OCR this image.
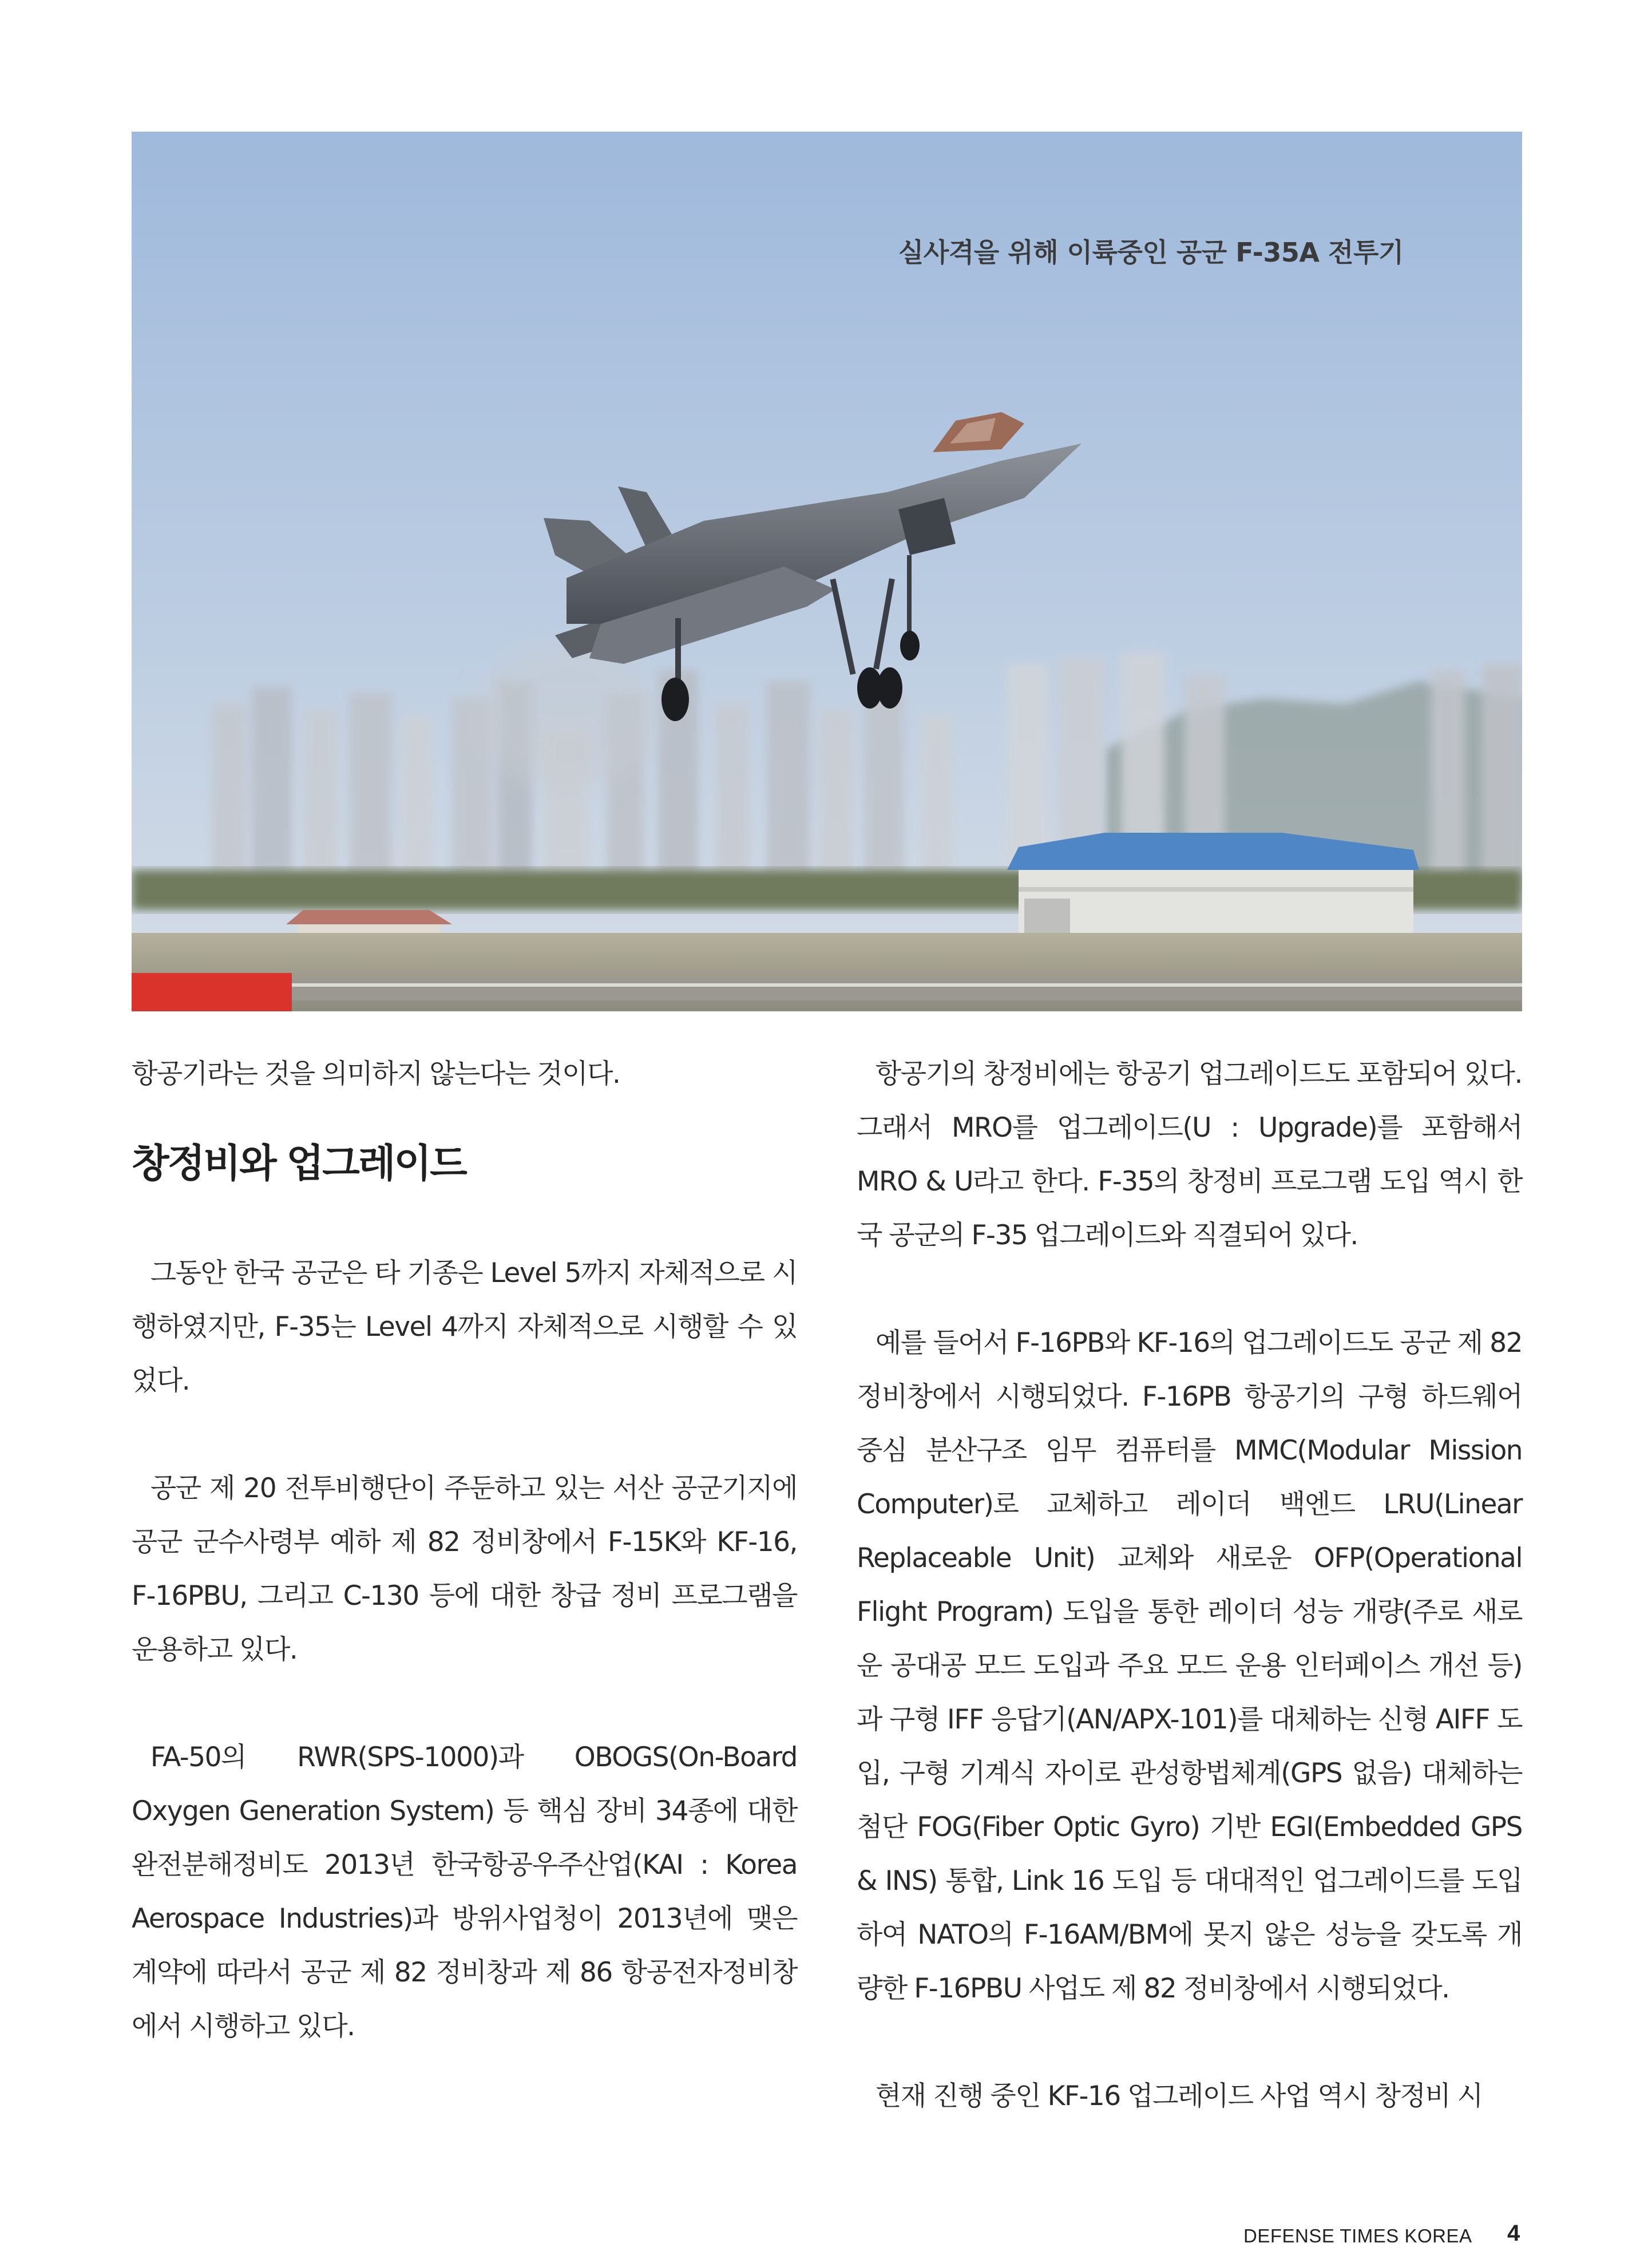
실사격을 위해 이륙중인 공군 F-35A 전투기

항공기라는 것을 의미하지 않는다는 것이다.

창정비와 업그레이드

그동안 한국 공군은 타 기종은 Level 5까지 자체적으로 시행하였지만, F-35는 Level 4까지 자체적으로 시행할 수 있었다.

공군 제 20 전투비행단이 주둔하고 있는 서산 공군기지에 공군 군수사령부 예하 제 82 정비창에서 F-15K와 KF-16, F-16PBU, 그리고 C-130 등에 대한 창급 정비 프로그램을 운용하고 있다.

FA-50의 RWR(SPS-1000)과 OBOGS(On-Board Oxygen Generation System) 등 핵심 장비 34종에 대한 완전분해정비도 2013년 한국항공우주산업(KAI : Korea Aerospace Industries)과 방위사업청이 2013년에 맺은 계약에 따라서 공군 제 82 정비창과 제 86 항공전자정비창에서 시행하고 있다.

항공기의 창정비에는 항공기 업그레이드도 포함되어 있다. 그래서 MRO를 업그레이드(U : Upgrade)를 포함해서 MRO & U라고 한다. F-35의 창정비 프로그램 도입 역시 한국 공군의 F-35 업그레이드와 직결되어 있다.

예를 들어서 F-16PB와 KF-16의 업그레이드도 공군 제 82 정비창에서 시행되었다. F-16PB 항공기의 구형 하드웨어 중심 분산구조 임무 컴퓨터를 MMC(Modular Mission Computer)로 교체하고 레이더 백엔드 LRU(Linear Replaceable Unit) 교체와 새로운 OFP(Operational Flight Program) 도입을 통한 레이더 성능 개량(주로 새로운 공대공 모드 도입과 주요 모드 운용 인터페이스 개선 등)과 구형 IFF 응답기(AN/APX-101)를 대체하는 신형 AIFF 도입, 구형 기계식 자이로 관성항법체계(GPS 없음) 대체하는 첨단 FOG(Fiber Optic Gyro) 기반 EGI(Embedded GPS & INS) 통합, Link 16 도입 등 대대적인 업그레이드를 도입하여 NATO의 F-16AM/BM에 못지 않은 성능을 갖도록 개량한 F-16PBU 사업도 제 82 정비창에서 시행되었다.

현재 진행 중인 KF-16 업그레이드 사업 역시 창정비 시

DEFENSE TIMES KOREA 4
